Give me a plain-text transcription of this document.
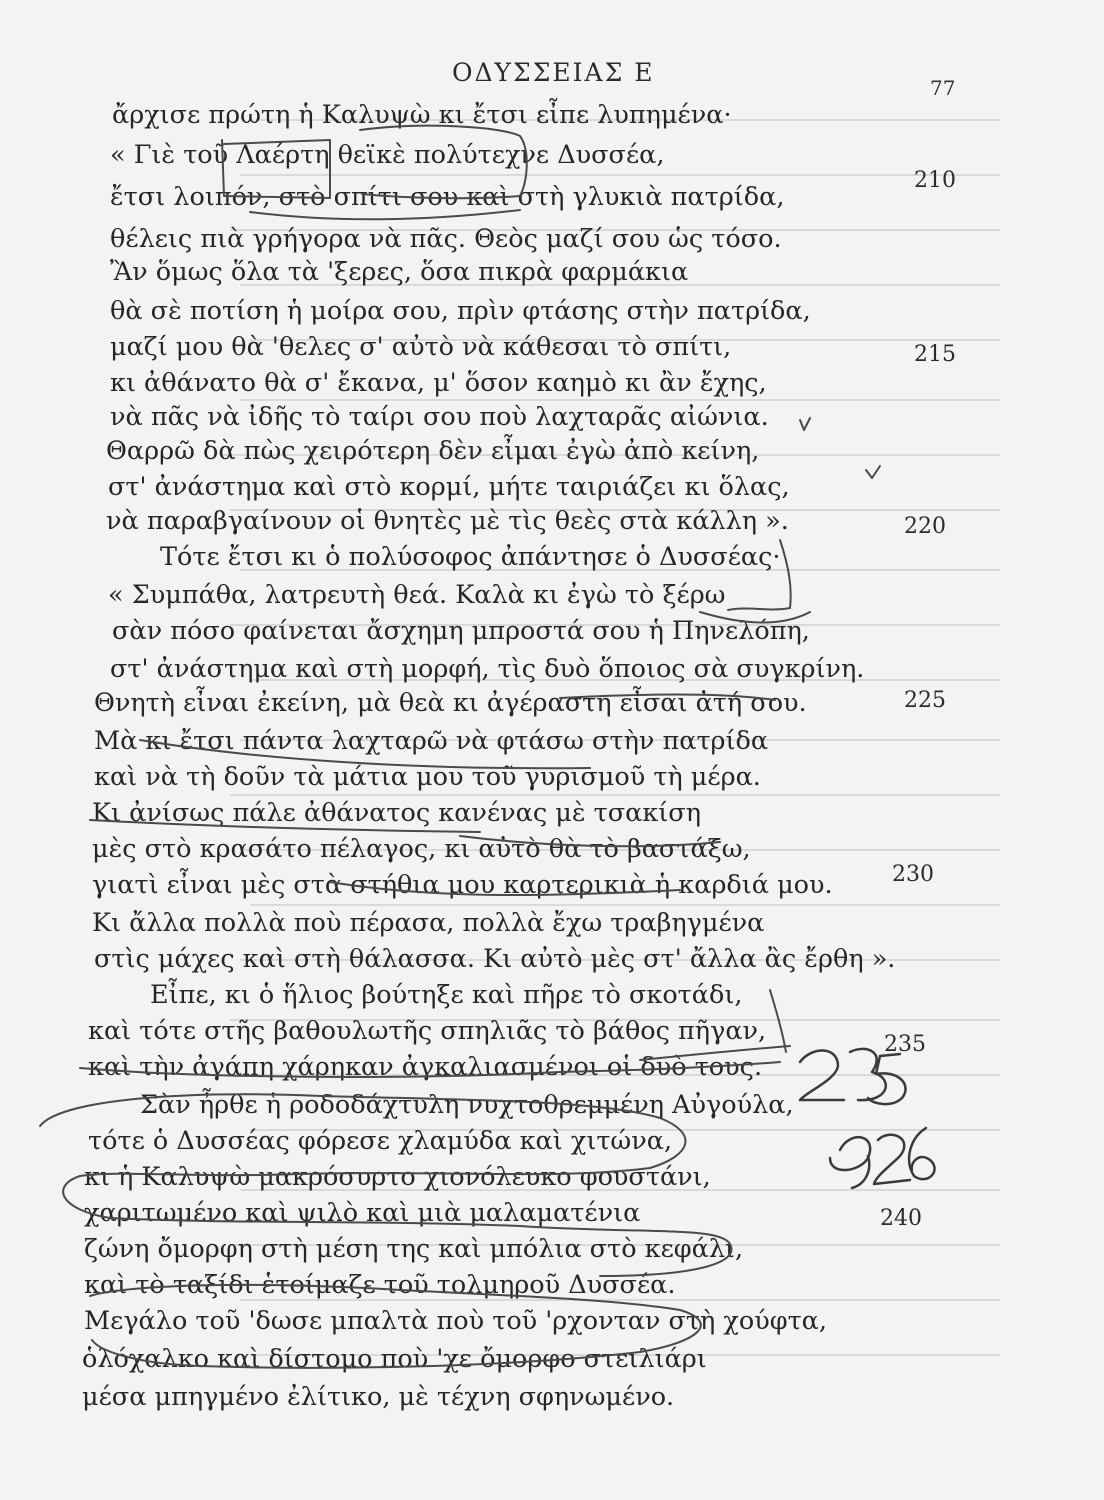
ΟΔΥΣΣΕΙΑΣ Ε
77
ἄρχισε πρώτη ἡ Καλυψὼ κι ἔτσι εἶπε λυπημένα·
« Γιὲ τοῦ Λαέρτη θεϊκὲ πολύτεχνε Δυσσέα,
ἔτσι λοιπόν, στὸ σπίτι σου καὶ στὴ γλυκιὰ πατρίδα,
θέλεις πιὰ γρήγορα νὰ πᾶς. Θεὸς μαζί σου ὡς τόσο.
Ἂν ὅμως ὅλα τὰ 'ξερες, ὅσα πικρὰ φαρμάκια
θὰ σὲ ποτίση ἡ μοίρα σου, πρὶν φτάσης στὴν πατρίδα,
μαζί μου θὰ 'θελες σ' αὐτὸ νὰ κάθεσαι τὸ σπίτι,
κι ἀθάνατο θὰ σ' ἔκανα, μ' ὅσον καημὸ κι ἂν ἔχης,
νὰ πᾶς νὰ ἰδῆς τὸ ταίρι σου ποὺ λαχταρᾶς αἰώνια.
Θαρρῶ δὰ πὼς χειρότερη δὲν εἶμαι ἐγὼ ἀπὸ κείνη,
στ' ἀνάστημα καὶ στὸ κορμί, μήτε ταιριάζει κι ὅλας,
νὰ παραβγαίνουν οἱ θνητὲς μὲ τὶς θεὲς στὰ κάλλη ».
Τότε ἔτσι κι ὁ πολύσοφος ἀπάντησε ὁ Δυσσέας·
« Συμπάθα, λατρευτὴ θεά. Καλὰ κι ἐγὼ τὸ ξέρω
σὰν πόσο φαίνεται ἄσχημη μπροστά σου ἡ Πηνελόπη,
στ' ἀνάστημα καὶ στὴ μορφή, τὶς δυὸ ὅποιος σὰ συγκρίνη.
Θνητὴ εἶναι ἐκείνη, μὰ θεὰ κι ἀγέραστη εἶσαι ἀτή σου.
Μὰ κι ἔτσι πάντα λαχταρῶ νὰ φτάσω στὴν πατρίδα
καὶ νὰ τὴ δοῦν τὰ μάτια μου τοῦ γυρισμοῦ τὴ μέρα.
Κι ἀνίσως πάλε ἀθάνατος κανένας μὲ τσακίση
μὲς στὸ κρασάτο πέλαγος, κι αὐτὸ θὰ τὸ βαστάξω,
γιατὶ εἶναι μὲς στὰ στήθια μου καρτερικιὰ ἡ καρδιά μου.
Κι ἄλλα πολλὰ ποὺ πέρασα, πολλὰ ἔχω τραβηγμένα
στὶς μάχες καὶ στὴ θάλασσα. Κι αὐτὸ μὲς στ' ἄλλα ἂς ἔρθη ».
Εἶπε, κι ὁ ἥλιος βούτηξε καὶ πῆρε τὸ σκοτάδι,
καὶ τότε στῆς βαθουλωτῆς σπηλιᾶς τὸ βάθος πῆγαν,
καὶ τὴν ἀγάπη χάρηκαν ἀγκαλιασμένοι οἱ δυὸ τους.
Σὰν ἦρθε ἡ ροδοδάχτυλη νυχτοθρεμμένη Αὐγούλα,
τότε ὁ Δυσσέας φόρεσε χλαμύδα καὶ χιτώνα,
κι ἡ Καλυψὼ μακρόσυρτο χιονόλευκο φουστάνι,
χαριτωμένο καὶ ψιλὸ καὶ μιὰ μαλαματένια
ζώνη ὄμορφη στὴ μέση της καὶ μπόλια στὸ κεφάλι,
καὶ τὸ ταξίδι ἑτοίμαζε τοῦ τολμηροῦ Δυσσέα.
Μεγάλο τοῦ 'δωσε μπαλτὰ ποὺ τοῦ 'ρχονταν στὴ χούφτα,
ὁλόχαλκο καὶ δίστομο ποὺ 'χε ὄμορφο στειλιάρι
μέσα μπηγμένο ἐλίτικο, μὲ τέχνη σφηνωμένο.
210
215
220
225
230
235
240
